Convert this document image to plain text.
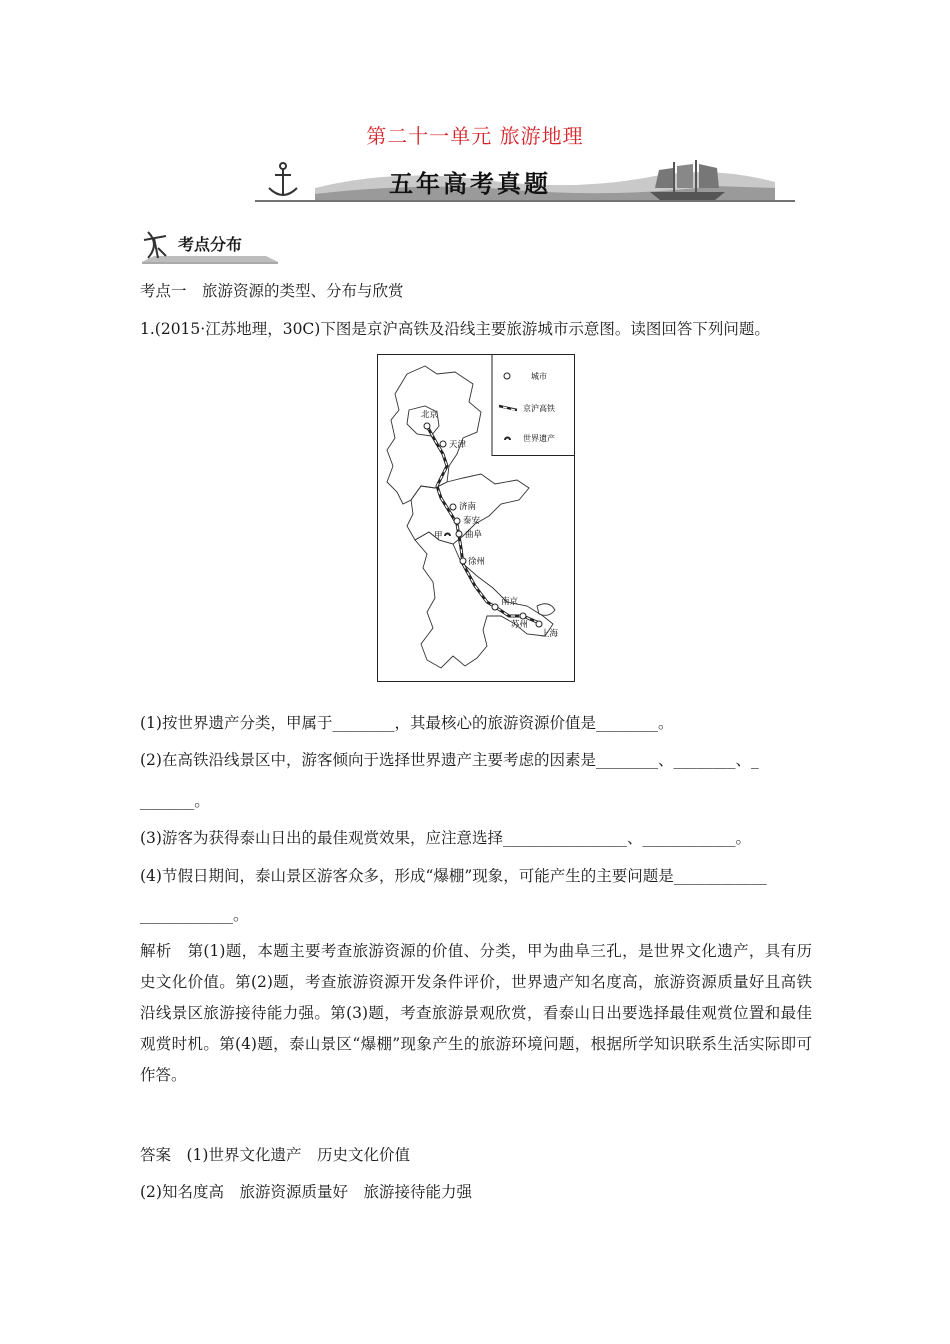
第二十一单元 旅游地理
五年高考真题
考点分布
考点一　旅游资源的类型、分布与欣赏
1.(2015·江苏地理，30C)下图是京沪高铁及沿线主要旅游城市示意图。读图回答下列问题。
城市
京沪高铁
世界遗产
北京
天津
济南
泰安
甲	曲阜
徐州
南京
苏州
上海
(1)按世界遗产分类，甲属于________，其最核心的旅游资源价值是________。
(2)在高铁沿线景区中，游客倾向于选择世界遗产主要考虑的因素是________、________、_
_______。
(3)游客为获得泰山日出的最佳观赏效果，应注意选择________________、____________。
(4)节假日期间，泰山景区游客众多，形成“爆棚”现象，可能产生的主要问题是____________
____________。
解析　第(1)题，本题主要考查旅游资源的价值、分类，甲为曲阜三孔，是世界文化遗产，具有历史文化价值。第(2)题，考查旅游资源开发条件评价，世界遗产知名度高，旅游资源质量好且高铁沿线景区旅游接待能力强。第(3)题，考查旅游景观欣赏，看泰山日出要选择最佳观赏位置和最佳观赏时机。第(4)题，泰山景区“爆棚”现象产生的旅游环境问题，根据所学知识联系生活实际即可作答。
答案　(1)世界文化遗产　历史文化价值
(2)知名度高　旅游资源质量好　旅游接待能力强
